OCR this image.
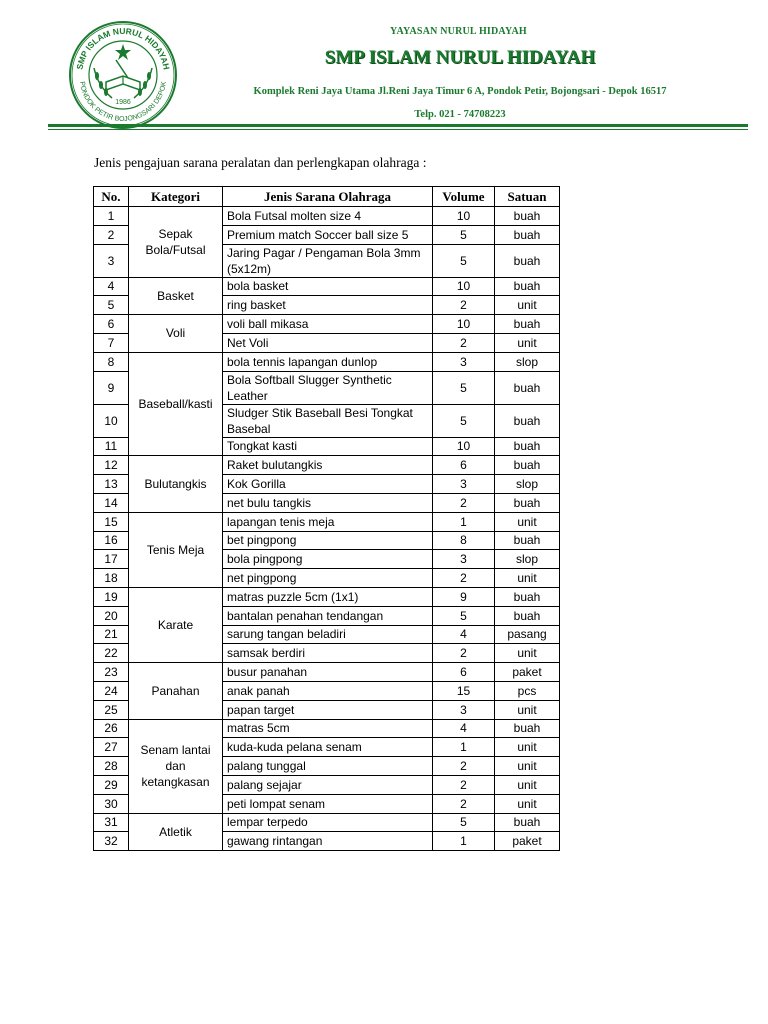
SMP ISLAM NURUL HIDAYAH
PONDOK PETIR BOJONGSARI DEPOK
1986
YAYASAN NURUL HIDAYAH
SMP ISLAM NURUL HIDAYAH
Komplek Reni Jaya Utama Jl.Reni Jaya Timur 6 A, Pondok Petir, Bojongsari - Depok 16517
Telp. 021 - 74708223
Jenis pengajuan sarana peralatan dan perlengkapan olahraga :
No.	Kategori	Jenis Sarana Olahraga	Volume	Satuan
1	Sepak Bola/Futsal	Bola Futsal molten size 4	10	buah
2		Premium match Soccer ball size 5	5	buah
3		Jaring Pagar / Pengaman Bola 3mm (5x12m)	5	buah
4	Basket	bola basket	10	buah
5		ring basket	2	unit
6	Voli	voli ball mikasa	10	buah
7		Net Voli	2	unit
8	Baseball/kasti	bola tennis lapangan dunlop	3	slop
9		Bola Softball Slugger Synthetic Leather	5	buah
10		Sludger Stik Baseball Besi Tongkat Basebal	5	buah
11		Tongkat kasti	10	buah
12	Bulutangkis	Raket bulutangkis	6	buah
13		Kok Gorilla	3	slop
14		net bulu tangkis	2	buah
15	Tenis Meja	lapangan tenis meja	1	unit
16		bet pingpong	8	buah
17		bola pingpong	3	slop
18		net pingpong	2	unit
19	Karate	matras puzzle 5cm (1x1)	9	buah
20		bantalan penahan tendangan	5	buah
21		sarung tangan beladiri	4	pasang
22		samsak berdiri	2	unit
23	Panahan	busur panahan	6	paket
24		anak panah	15	pcs
25		papan target	3	unit
26	Senam lantai dan ketangkasan	matras 5cm	4	buah
27		kuda-kuda pelana senam	1	unit
28		palang tunggal	2	unit
29		palang sejajar	2	unit
30		peti lompat senam	2	unit
31	Atletik	lempar terpedo	5	buah
32		gawang rintangan	1	paket
